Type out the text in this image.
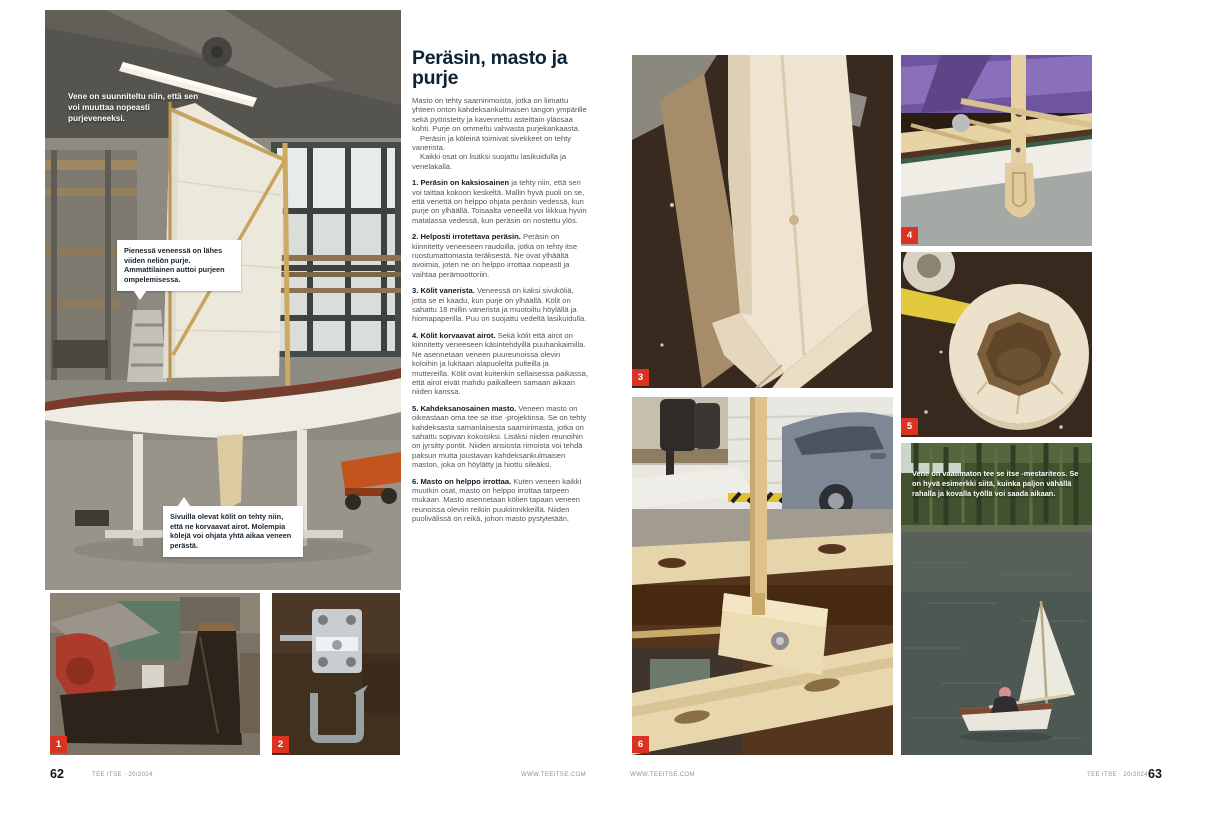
Vene on suunniteltu niin, että sen voi muuttaa nopeasti purjeveneeksi.
Pienessä veneessä on lähes viiden neliön purje. Ammattilainen auttoi purjeen ompelemisessa.
Sivuilla olevat kölit on tehty niin, että ne korvaavat airot. Molempia kölejä voi ohjata yhtä aikaa veneen perästä.
1	2
Peräsin, masto ja purje

Masto on tehty saarnirimoista, jotka on liimattu yhteen onton kahdeksankulmaisen tangon ympärille sekä pyöristetty ja kavennettu asteittain yläosaa kohti. Purje on ommeltu vahvasta purjekankaasta.

Peräsin ja köleinä toimivat sivekkeet on tehty vanerista.

Kaikki osat on lisäksi suojattu lasikuidulla ja venelakalla.

1. Peräsin on kaksiosainen ja tehty niin, että sen voi taittaa kokoon keskeltä. Mallin hyvä puoli on se, että venettä on helppo ohjata peräsin vedessä, kun purje on ylhäällä. Toisaalta veneellä voi liikkua hyvin matalassa vedessä, kun peräsin on nostettu ylös.

2. Helposti irrotettava peräsin. Peräsin on kiinnitetty veneeseen raudoilla, jotka on tehty itse ruostumattomasta teräksestä. Ne ovat ylhäältä avoimia, joten ne on helppo irrottaa nopeasti ja vaihtaa perämoottoriin.

3. Kölit vanerista. Veneessä on kaksi sivuköliä, jotta se ei kaadu, kun purje on ylhäällä. Kölit on sahattu 18 millin vanerista ja muotoiltu höylällä ja hiomapaperilla. Puu on suojattu vedeltä lasikuidulla.

4. Kölit korvaavat airot. Sekä kölit että airot on kiinnitetty veneeseen käsintehdyillä puuhankaimilla. Ne asennetaan veneen puureunoissa olevin koloihin ja lukitaan alapuolelta pulteilla ja muttereilla. Kölit ovat kuitenkin sellaisessa paikassa, että airot eivät mahdu paikalleen samaan aikaan niiden kanssa.

5. Kahdeksanosainen masto. Veneen masto on oikeastaan oma tee se itse -projektinsa. Se on tehty kahdeksasta samanlaisesta saarnirimasta, jotka on sahattu sopivan kokoisiksi. Lisäksi niiden reunoihin on jyrsitty pontit. Niiden ansiosta rimoista voi tehdä paksun mutta joustavan kahdeksankulmaisen maston, joka on höylätty ja hiottu sileäksi.

6. Masto on helppo irrottaa. Kuten veneen kaikki muutkin osat, masto on helppo irrottaa tarpeen mukaan. Masto asennetaan kölien tapaan veneen reunoissa oleviin reikiin puukiinnikkeillä. Niiden puolivälissä on reikä, johon masto pystytetään.

3
4
5
6
Vene on vaatimaton tee se itse -mestariteos. Se on hyvä esimerkki siitä, kuinka paljon vähällä rahalla ja kovalla työllä voi saada aikaan.
62	TEE ITSE · 20/2024	WWW.TEEITSE.COM	WWW.TEEITSE.COM	TEE ITSE · 20/2024 63
